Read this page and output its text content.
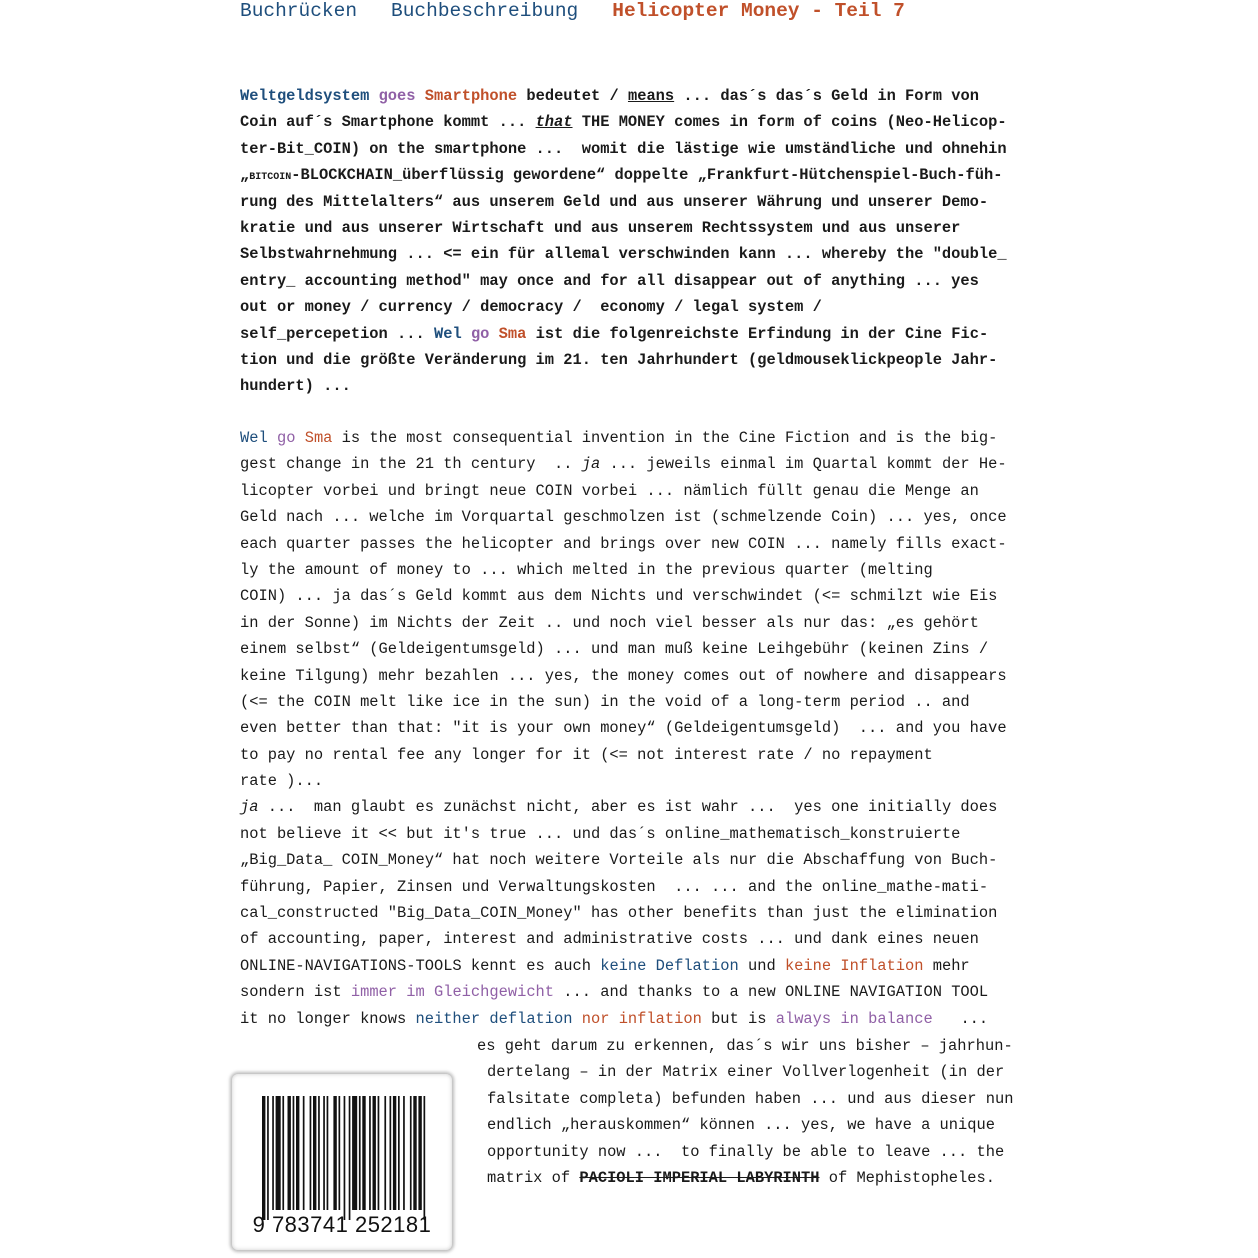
Buchrücken Buchbeschreibung Helicopter Money - Teil 7
Weltgeldsystem goes Smartphone bedeutet / means ... das´s das´s Geld in Form von
Coin auf´s Smartphone kommt ... that THE MONEY comes in form of coins (Neo-Helicop-
ter-Bit_COIN) on the smartphone ...  womit die lästige wie umständliche und ohnehin
„BITCOIN-BLOCKCHAIN_überflüssig gewordene“ doppelte „Frankfurt-Hütchenspiel-Buch-füh-
rung des Mittelalters“ aus unserem Geld und aus unserer Währung und unserer Demo-
kratie und aus unserer Wirtschaft und aus unserem Rechtssystem und aus unserer
Selbstwahrnehmung ... <= ein für allemal verschwinden kann ... whereby the "double_
entry_ accounting method" may once and for all disappear out of anything ... yes
out or money / currency / democracy /  economy / legal system /
self_percepetion ... Wel go Sma ist die folgenreichste Erfindung in der Cine Fic-
tion und die größte Veränderung im 21. ten Jahrhundert (geldmouseklickpeople Jahr-
hundert) ...
Wel go Sma is the most consequential invention in the Cine Fiction and is the big-
gest change in the 21 th century  .. ja ... jeweils einmal im Quartal kommt der He-
licopter vorbei und bringt neue COIN vorbei ... nämlich füllt genau die Menge an
Geld nach ... welche im Vorquartal geschmolzen ist (schmelzende Coin) ... yes, once
each quarter passes the helicopter and brings over new COIN ... namely fills exact-
ly the amount of money to ... which melted in the previous quarter (melting
COIN) ... ja das´s Geld kommt aus dem Nichts und verschwindet (<= schmilzt wie Eis
in der Sonne) im Nichts der Zeit .. und noch viel besser als nur das: „es gehört
einem selbst“ (Geldeigentumsgeld) ... und man muß keine Leihgebühr (keinen Zins /
keine Tilgung) mehr bezahlen ... yes, the money comes out of nowhere and disappears
(<= the COIN melt like ice in the sun) in the void of a long-term period .. and
even better than that: "it is your own money“ (Geldeigentumsgeld)  ... and you have
to pay no rental fee any longer for it (<= not interest rate / no repayment
rate )...
ja ...  man glaubt es zunächst nicht, aber es ist wahr ...  yes one initially does
not believe it << but it's true ... und das´s online_mathematisch_konstruierte
„Big_Data_ COIN_Money“ hat noch weitere Vorteile als nur die Abschaffung von Buch-
führung, Papier, Zinsen und Verwaltungskosten  ... ... and the online_mathe-mati-
cal_constructed "Big_Data_COIN_Money" has other benefits than just the elimination
of accounting, paper, interest and administrative costs ... und dank eines neuen
ONLINE-NAVIGATIONS-TOOLS kennt es auch keine Deflation und keine Inflation mehr
sondern ist immer im Gleichgewicht ... and thanks to a new ONLINE NAVIGATION TOOL
it no longer knows neither deflation nor inflation but is always in balance   ...
es geht darum zu erkennen, das´s wir uns bisher – jahrhun-
dertelang – in der Matrix einer Vollverlogenheit (in der
falsitate completa) befunden haben ... und aus dieser nun
endlich „herauskommen“ können ... yes, we have a unique
opportunity now ...  to finally be able to leave ... the
matrix of PACIOLI IMPERIAL LABYRINTH of Mephistopheles.
9 783741 252181
